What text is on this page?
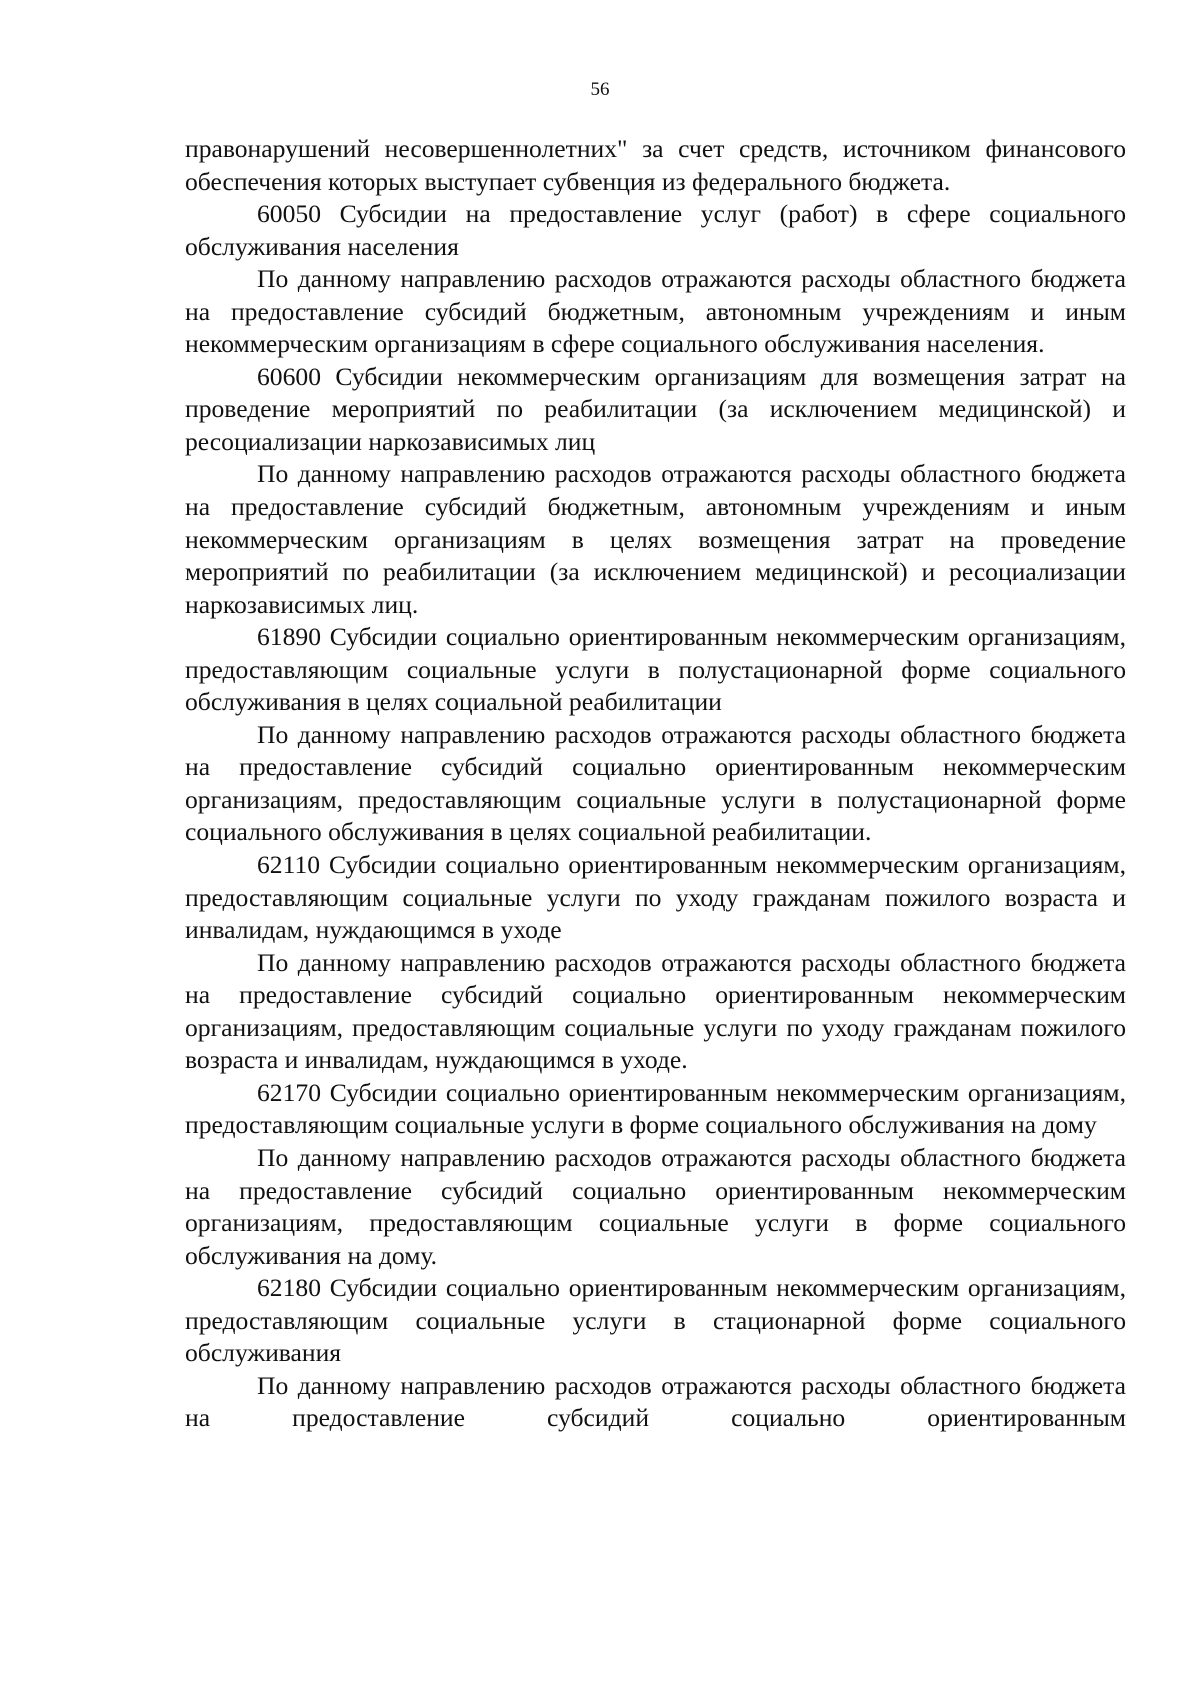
56

правонарушений несовершеннолетних" за счет средств, источником финансового обеспечения которых выступает субвенция из федерального бюджета.

60050 Субсидии на предоставление услуг (работ) в сфере социального обслуживания населения

По данному направлению расходов отражаются расходы областного бюджета на предоставление субсидий бюджетным, автономным учреждениям и иным некоммерческим организациям в сфере социального обслуживания населения.

60600 Субсидии некоммерческим организациям для возмещения затрат на проведение мероприятий по реабилитации (за исключением медицинской) и ресоциализации наркозависимых лиц

По данному направлению расходов отражаются расходы областного бюджета на предоставление субсидий бюджетным, автономным учреждениям и иным некоммерческим организациям в целях возмещения затрат на проведение мероприятий по реабилитации (за исключением медицинской) и ресоциализации наркозависимых лиц.

61890 Субсидии социально ориентированным некоммерческим организациям, предоставляющим социальные услуги в полустационарной форме социального обслуживания в целях социальной реабилитации

По данному направлению расходов отражаются расходы областного бюджета на предоставление субсидий социально ориентированным некоммерческим организациям, предоставляющим социальные услуги в полустационарной форме социального обслуживания в целях социальной реабилитации.

62110 Субсидии социально ориентированным некоммерческим организациям, предоставляющим социальные услуги по уходу гражданам пожилого возраста и инвалидам, нуждающимся в уходе

По данному направлению расходов отражаются расходы областного бюджета на предоставление субсидий социально ориентированным некоммерческим организациям, предоставляющим социальные услуги по уходу гражданам пожилого возраста и инвалидам, нуждающимся в уходе.

62170 Субсидии социально ориентированным некоммерческим организациям, предоставляющим социальные услуги в форме социального обслуживания на дому

По данному направлению расходов отражаются расходы областного бюджета на предоставление субсидий социально ориентированным некоммерческим организациям, предоставляющим социальные услуги в форме социального обслуживания на дому.

62180 Субсидии социально ориентированным некоммерческим организациям, предоставляющим социальные услуги в стационарной форме социального обслуживания

По данному направлению расходов отражаются расходы областного бюджета на предоставление субсидий социально ориентированным
